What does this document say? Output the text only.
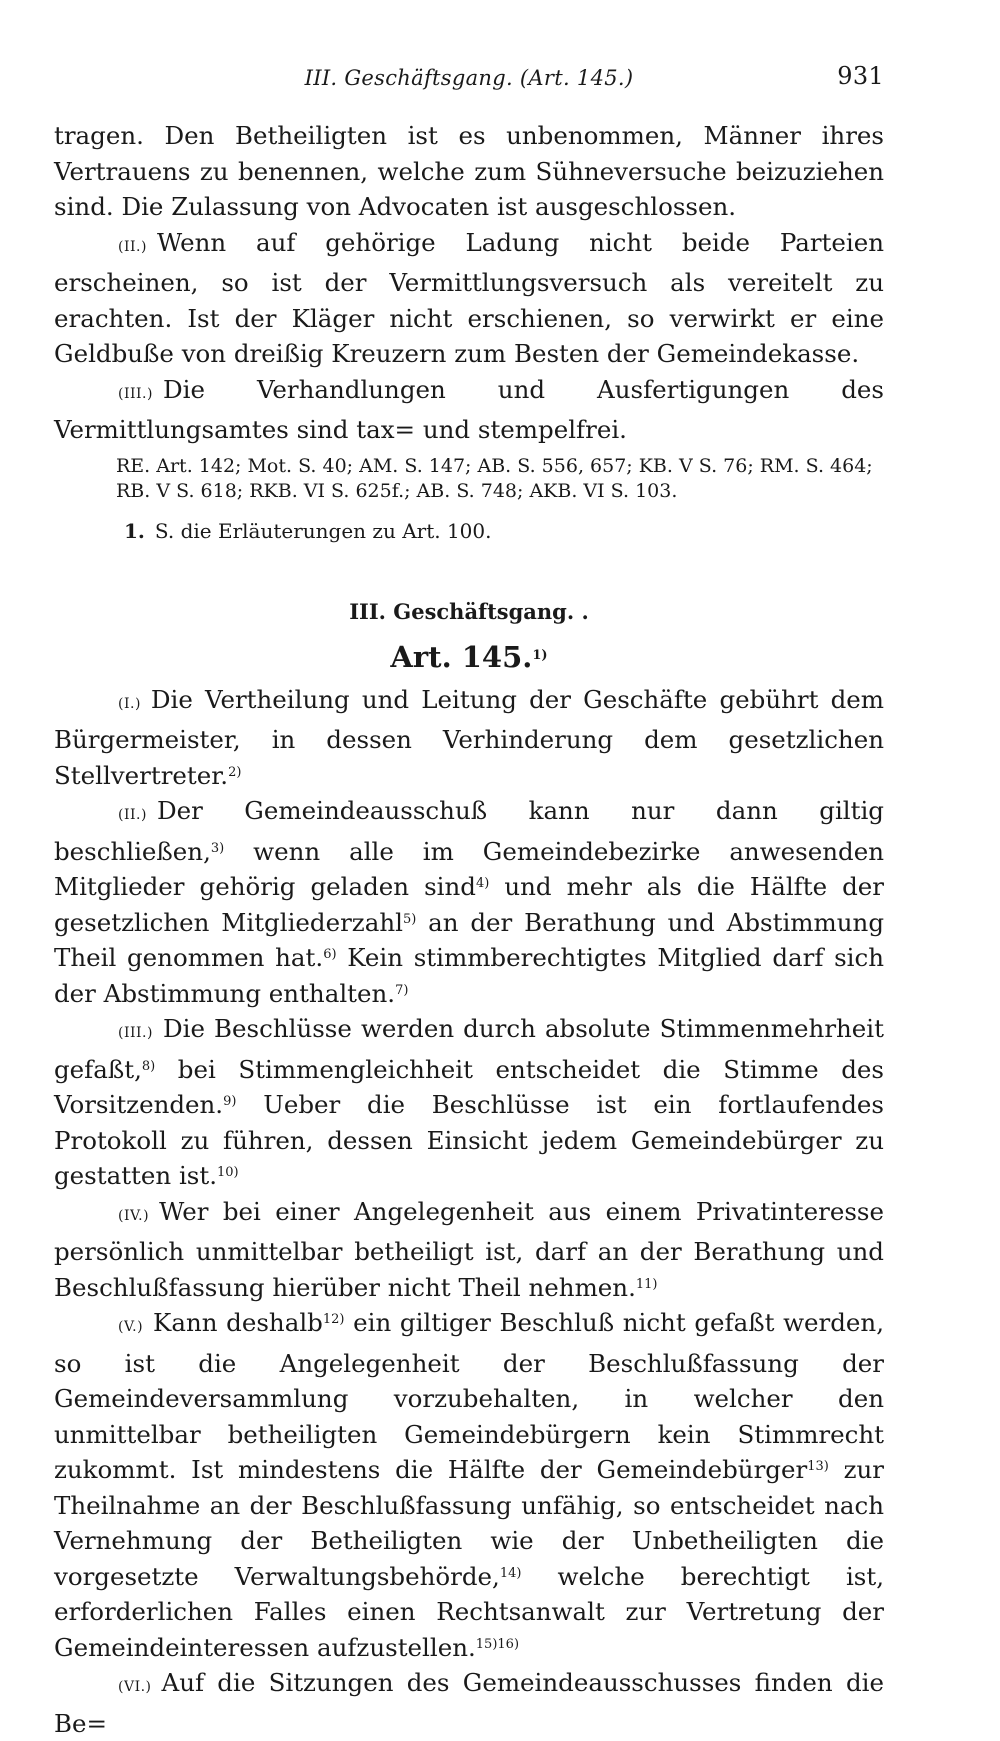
III. Geschäftsgang. (Art. 145.)	931

tragen. Den Betheiligten ist es unbenommen, Männer ihres Vertrauens zu benennen, welche zum Sühneversuche beizuziehen sind. Die Zulassung von Advocaten ist ausgeschlossen.

(II.) Wenn auf gehörige Ladung nicht beide Parteien erscheinen, so ist der Vermittlungsversuch als vereitelt zu erachten. Ist der Kläger nicht erschienen, so verwirkt er eine Geldbuße von dreißig Kreuzern zum Besten der Gemeindekasse.

(III.) Die Verhandlungen und Ausfertigungen des Vermittlungsamtes sind tax= und stempelfrei.

RE. Art. 142; Mot. S. 40; AM. S. 147; AB. S. 556, 657; KB. V S. 76; RM. S. 464; RB. V S. 618; RKB. VI S. 625f.; AB. S. 748; AKB. VI S. 103.
1. S. die Erläuterungen zu Art. 100.
III. Geschäftsgang. .
Art. 145.$^{1)}$

(I.) Die Vertheilung und Leitung der Geschäfte gebührt dem Bürgermeister, in dessen Verhinderung dem gesetzlichen Stellvertreter.$^{2)}$

(II.) Der Gemeindeausschuß kann nur dann giltig beschließen,$^{3)}$ wenn alle im Gemeindebezirke anwesenden Mitglieder gehörig geladen sind$^{4)}$ und mehr als die Hälfte der gesetzlichen Mitgliederzahl$^{5)}$ an der Berathung und Abstimmung Theil genommen hat.$^{6)}$ Kein stimmberechtigtes Mitglied darf sich der Abstimmung enthalten.$^{7)}$

(III.) Die Beschlüsse werden durch absolute Stimmenmehrheit gefaßt,$^{8)}$ bei Stimmengleichheit entscheidet die Stimme des Vorsitzenden.$^{9)}$ Ueber die Beschlüsse ist ein fortlaufendes Protokoll zu führen, dessen Einsicht jedem Gemeindebürger zu gestatten ist.$^{10)}$

(IV.) Wer bei einer Angelegenheit aus einem Privatinteresse persönlich unmittelbar betheiligt ist, darf an der Berathung und Beschlußfassung hierüber nicht Theil nehmen.$^{11)}$

(V.) Kann deshalb$^{12)}$ ein giltiger Beschluß nicht gefaßt werden, so ist die Angelegenheit der Beschlußfassung der Gemeindeversammlung vorzubehalten, in welcher den unmittelbar betheiligten Gemeindebürgern kein Stimmrecht zukommt. Ist mindestens die Hälfte der Gemeindebürger$^{13)}$ zur Theilnahme an der Beschlußfassung unfähig, so entscheidet nach Vernehmung der Betheiligten wie der Unbetheiligten die vorgesetzte Verwaltungsbehörde,$^{14)}$ welche berechtigt ist, erforderlichen Falles einen Rechtsanwalt zur Vertretung der Gemeindeinteressen aufzustellen.$^{15)16)}$

(VI.) Auf die Sitzungen des Gemeindeausschusses finden die Be=
